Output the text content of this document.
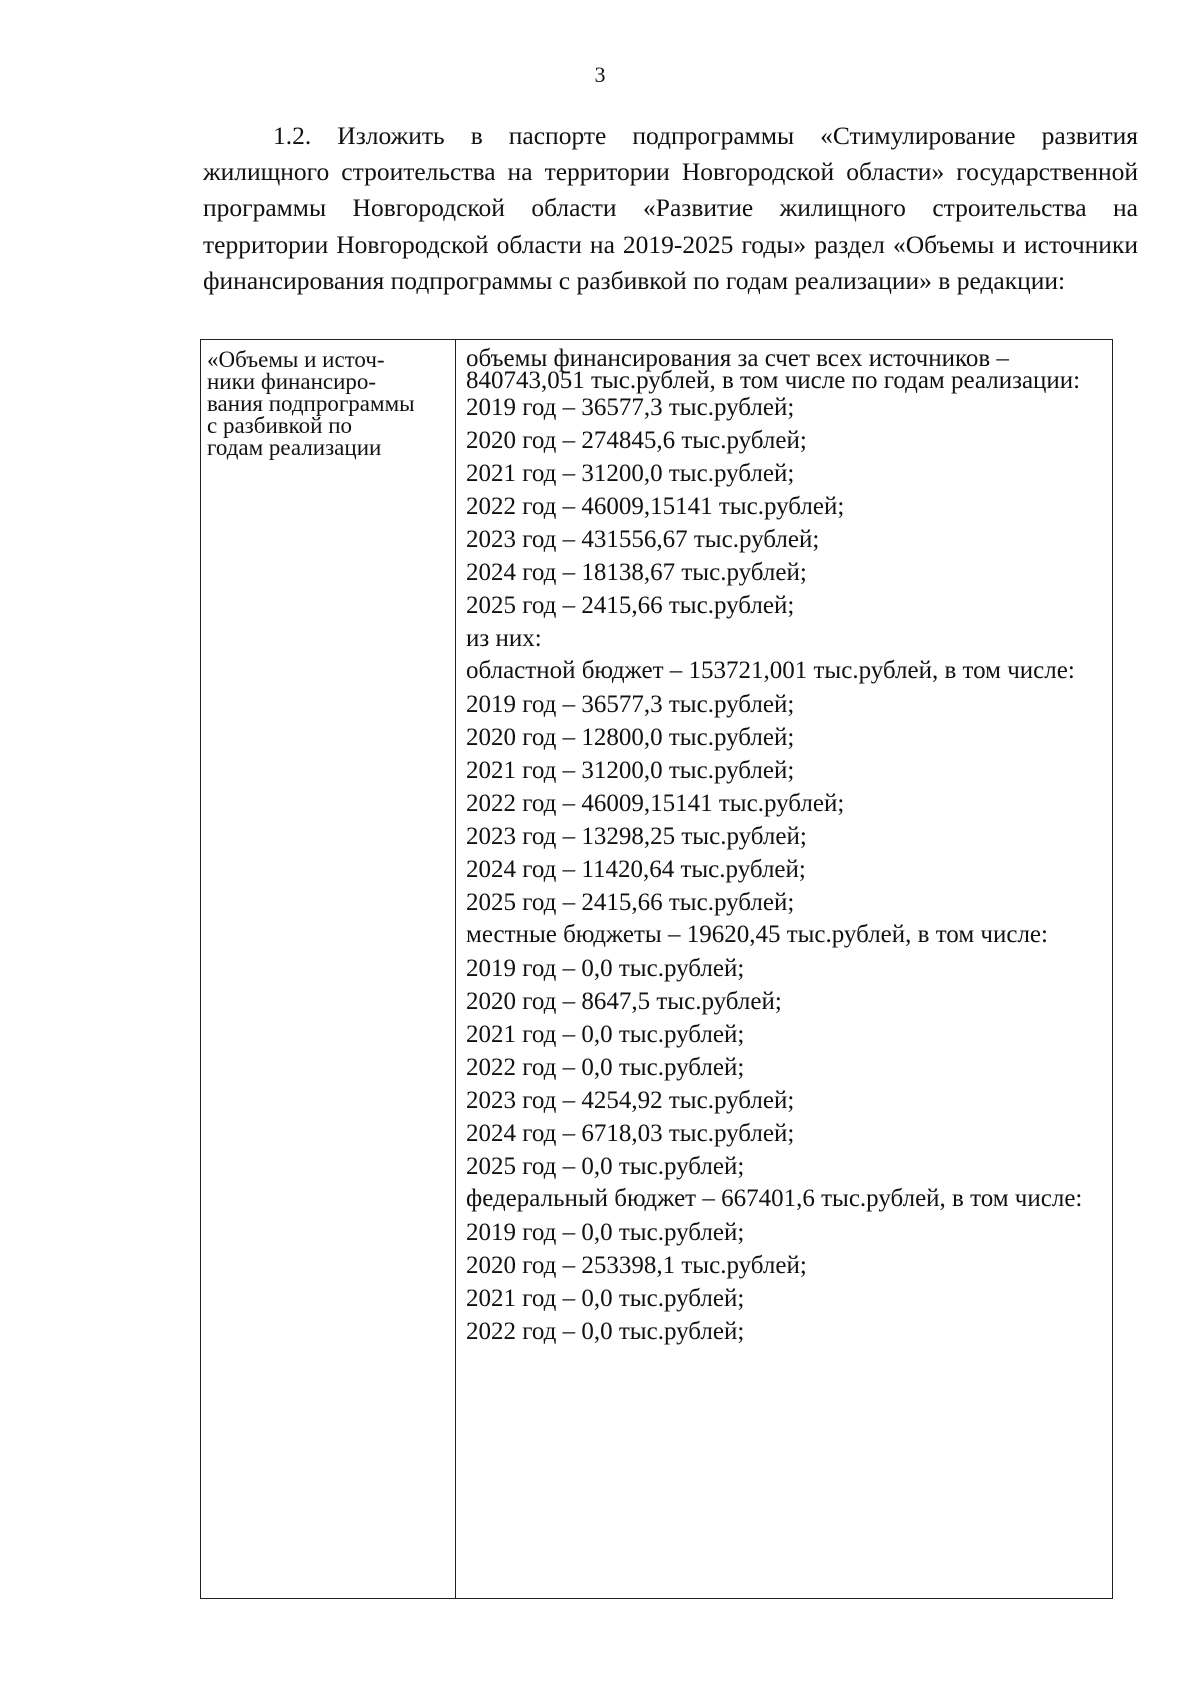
3

1.2. Изложить в паспорте подпрограммы «Стимулирование развития жилищного строительства на территории Новгородской области» государственной программы Новгородской области «Развитие жилищного строительства на территории Новгородской области на 2019-2025 годы» раздел «Объемы и источники финансирования подпрограммы с разбивкой по годам реализации» в редакции:

«Объемы и источ-
ники финансиро-
вания подпрограммы
с разбивкой по
годам реализации
объемы финансирования за счет всех источников – 840743,051 тыс.рублей, в том числе по годам реализации:
2019 год – 36577,3 тыс.рублей;
2020 год – 274845,6 тыс.рублей;
2021 год – 31200,0 тыс.рублей;
2022 год – 46009,15141 тыс.рублей;
2023 год – 431556,67 тыс.рублей;
2024 год – 18138,67 тыс.рублей;
2025 год – 2415,66 тыс.рублей;
из них:
областной бюджет – 153721,001 тыс.рублей, в том числе:
2019 год – 36577,3 тыс.рублей;
2020 год – 12800,0 тыс.рублей;
2021 год – 31200,0 тыс.рублей;
2022 год – 46009,15141 тыс.рублей;
2023 год – 13298,25 тыс.рублей;
2024 год – 11420,64 тыс.рублей;
2025 год – 2415,66 тыс.рублей;
местные бюджеты – 19620,45 тыс.рублей, в том числе:
2019 год – 0,0 тыс.рублей;
2020 год – 8647,5 тыс.рублей;
2021 год – 0,0 тыс.рублей;
2022 год – 0,0 тыс.рублей;
2023 год – 4254,92 тыс.рублей;
2024 год – 6718,03 тыс.рублей;
2025 год – 0,0 тыс.рублей;
федеральный бюджет – 667401,6 тыс.рублей, в том числе:
2019 год – 0,0 тыс.рублей;
2020 год – 253398,1 тыс.рублей;
2021 год – 0,0 тыс.рублей;
2022 год – 0,0 тыс.рублей;
